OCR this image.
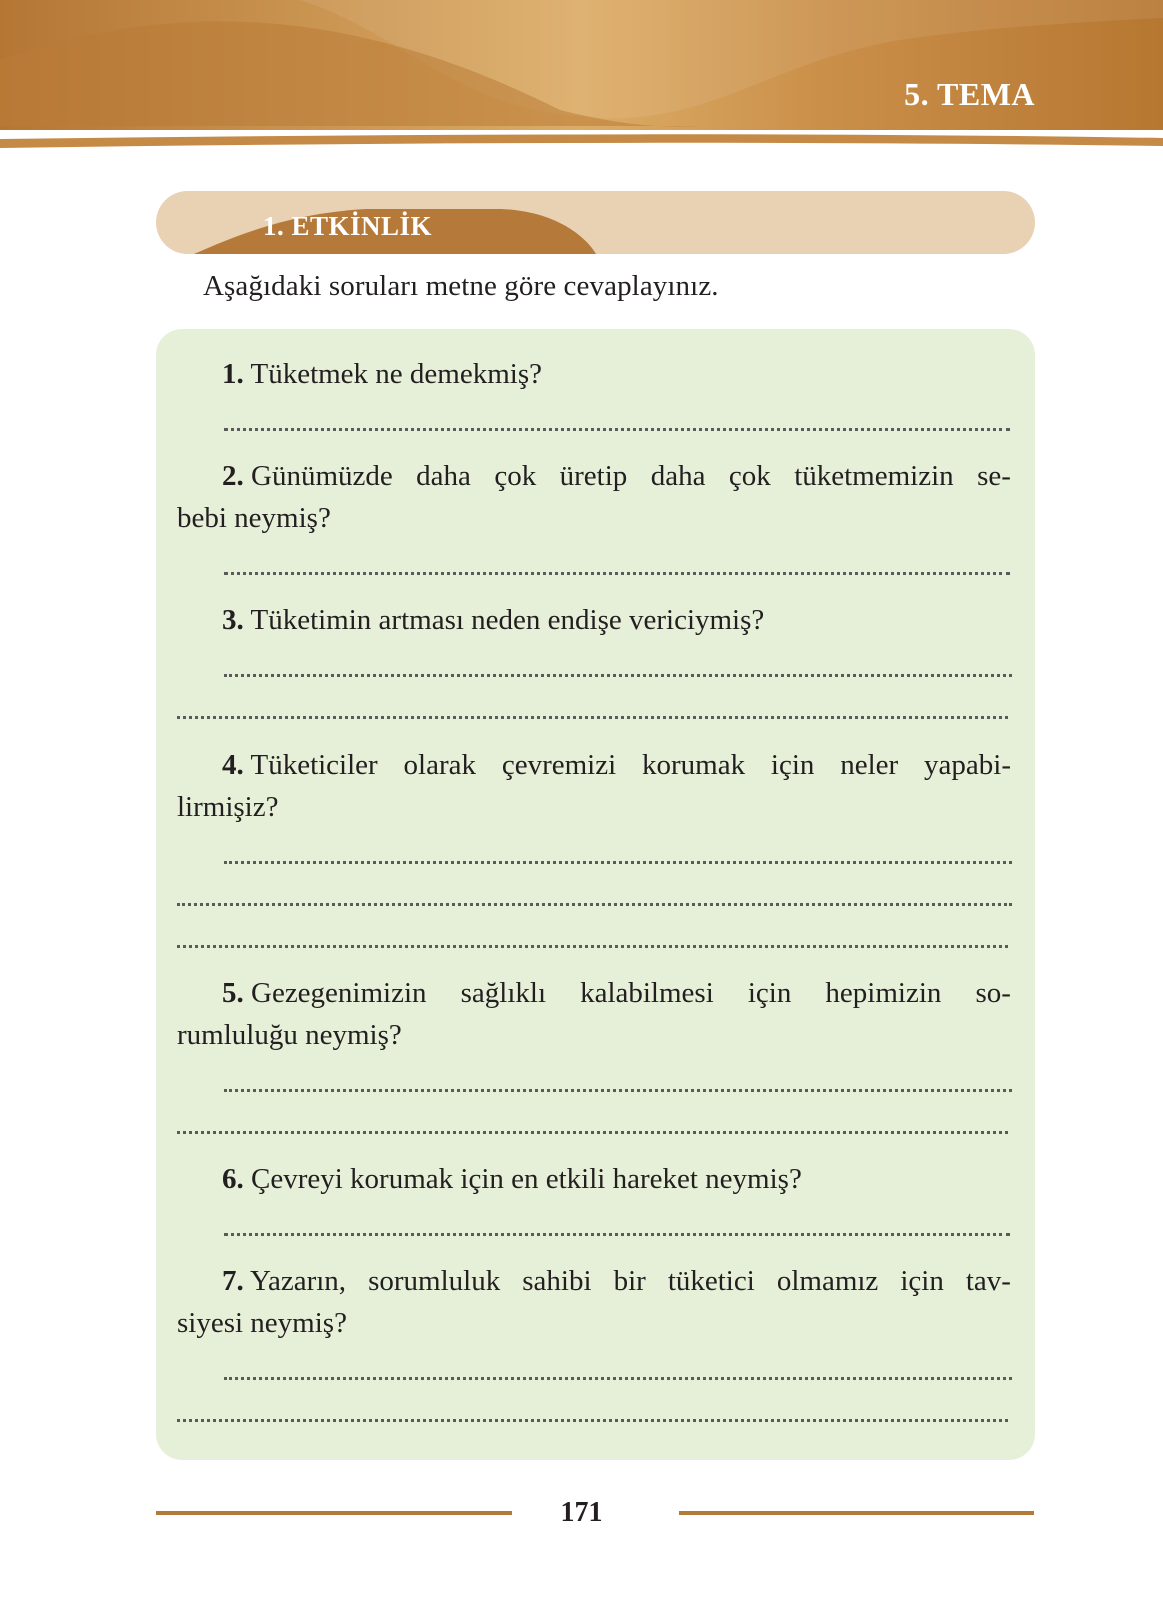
5. TEMA
1. ETKİNLİK
Aşağıdaki soruları metne göre cevaplayınız.
1. Tüketmek ne demekmiş?
2. Günümüzde daha çok üretip daha çok tüketmemizin se-
bebi neymiş?
3. Tüketimin artması neden endişe vericiymiş?
4. Tüketiciler olarak çevremizi korumak için neler yapabi-
lirmişiz?
5. Gezegenimizin sağlıklı kalabilmesi için hepimizin so-
rumluluğu neymiş?
6. Çevreyi korumak için en etkili hareket neymiş?
7. Yazarın, sorumluluk sahibi bir tüketici olmamız için tav-
siyesi neymiş?
171
